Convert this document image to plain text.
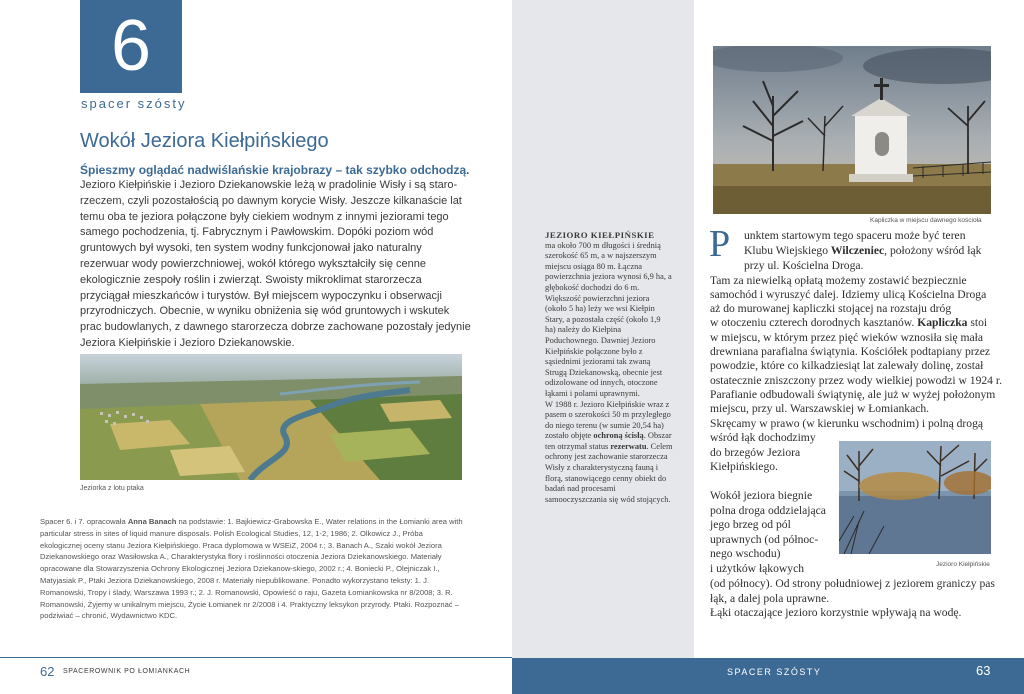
6
spacer szósty
Wokół Jeziora Kiełpińskiego
Śpieszmy oglądać nadwiślańskie krajobrazy – tak szybko odchodzą.
Jezioro Kiełpińskie i Jezioro Dziekanowskie leżą w pradolinie Wisły i są staro-rzeczem, czyli pozostałością po dawnym korycie Wisły. Jeszcze kilkanaście lat temu oba te jeziora połączone były ciekiem wodnym z innymi jeziorami tego samego pochodzenia, tj. Fabrycznym i Pawłowskim. Dopóki poziom wód gruntowych był wysoki, ten system wodny funkcjonował jako naturalny rezerwuar wody powierzchniowej, wokół którego wykształciły się cenne ekologicznie zespoły roślin i zwierząt. Swoisty mikroklimat starorzecza przyciągał mieszkańców i turystów. Był miejscem wypoczynku i obserwacji przyrodniczych. Obecnie, w wyniku obniżenia się wód gruntowych i wskutek prac budowlanych, z dawnego starorzecza dobrze zachowane pozostały jedynie Jeziora Kiełpińskie i Jezioro Dziekanowskie.
Jeziorka z lotu ptaka
Spacer 6. i 7. opracowała Anna Banach na podstawie: 1. Bajkiewicz-Grabowska E., Water relations in the Łomianki area with particular stress in sites of liquid manure disposals. Polish Ecological Studies, 12, 1-2, 1986; 2. Olkowicz J., Próba ekologicznej oceny stanu Jeziora Kiełpińskiego. Praca dyplomowa w WSEiZ, 2004 r.; 3. Banach A., Szaki wokół Jeziora Dziekanowskiego oraz Wasiłowska A., Charakterystyka flory i roślinności otoczenia Jeziora Dziekanowskiego. Materiały opracowane dla Stowarzyszenia Ochrony Ekologicznej Jeziora Dziekanow-skiego, 2002 r.; 4. Boniecki P., Olejniczak I., Matyjasiak P., Ptaki Jeziora Dziekanowskiego, 2008 r. Materiały niepublikowane. Ponadto wykorzystano teksty: 1. J. Romanowski, Tropy i ślady, Warszawa 1993 r.; 2. J. Romanowski, Opowieść o raju, Gazeta Łomiankowska nr 8/2008; 3. R. Romanowski, Żyjemy w unikalnym miejscu, Życie Łomianek nr 2/2008 i 4. Praktyczny leksykon przyrody. Ptaki. Rozpoznać – podziwiać – chronić, Wydawnictwo KDC.
JEZIORO KIEŁPIŃSKIE
ma około 700 m długości i średnią szerokość 65 m, a w najszerszym miejscu osiąga 80 m. Łączna powierzchnia jeziora wynosi 6,9 ha, a głębokość dochodzi do 6 m. Większość powierzchni jeziora (około 5 ha) leży we wsi Kiełpin Stary, a pozostała część (około 1,9 ha) należy do Kiełpina Poduchownego. Dawniej Jezioro Kiełpińskie połączone było z sąsiednimi jeziorami tak zwaną Strugą Dziekanowską, obecnie jest odizolowane od innych, otoczone łąkami i polami uprawnymi.
W 1988 r. Jezioro Kiełpińskie wraz z pasem o szerokości 50 m przyległego do niego terenu (w sumie 20,54 ha) zostało objęte ochroną ścisłą. Obszar ten otrzymał status rezerwatu. Celem ochrony jest zachowanie starorzecza Wisły z charakterystyczną fauną i florą, stanowiącego cenny obiekt do badań nad procesami samooczyszczania się wód stojących.
Kapliczka w miejscu dawnego kościoła
P unktem startowym tego spaceru może być teren
Klubu Wiejskiego Wilczeniec, położony wśród łąk
przy ul. Kościelna Droga.
Tam za niewielką opłatą możemy zostawić bezpiecznie
samochód i wyruszyć dalej. Idziemy ulicą Kościelna Droga
aż do murowanej kapliczki stojącej na rozstaju dróg
w otoczeniu czterech dorodnych kasztanów. Kapliczka stoi
w miejscu, w którym przez pięć wieków wznosiła się mała
drewniana parafialna świątynia. Kościółek podtapiany przez
powodzie, które co kilkadziesiąt lat zalewały dolinę, został
ostatecznie zniszczony przez wody wielkiej powodzi w 1924 r.
Parafianie odbudowali świątynię, ale już w wyżej położonym
miejscu, przy ul. Warszawskiej w Łomiankach.
Skręcamy w prawo (w kierunku wschodnim) i polną drogą
wśród łąk dochodzimy
do brzegów Jeziora
Kiełpińskiego.
Wokół jeziora biegnie
polna droga oddzielająca
jego brzeg od pól
uprawnych (od północ-
nego wschodu)
i użytków łąkowych
(od północy). Od strony południowej z jeziorem graniczy pas
łąk, a dalej pola uprawne.
Łąki otaczające jezioro korzystnie wpływają na wodę.
Jezioro Kiełpińskie
62 SPACEROWNIK PO ŁOMIANKACH	SPACER SZÓSTY	63
